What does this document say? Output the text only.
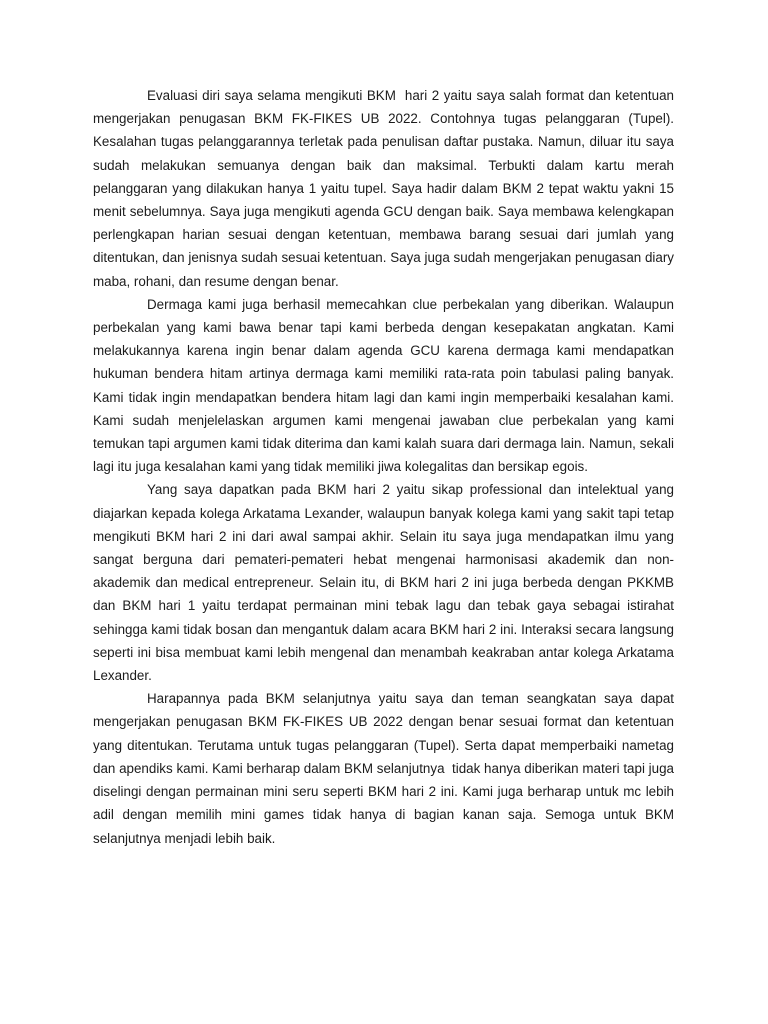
Evaluasi diri saya selama mengikuti BKM  hari 2 yaitu saya salah format dan ketentuan mengerjakan penugasan BKM FK-FIKES UB 2022. Contohnya tugas pelanggaran (Tupel). Kesalahan tugas pelanggarannya terletak pada penulisan daftar pustaka. Namun, diluar itu saya sudah melakukan semuanya dengan baik dan maksimal. Terbukti dalam kartu merah pelanggaran yang dilakukan hanya 1 yaitu tupel. Saya hadir dalam BKM 2 tepat waktu yakni 15 menit sebelumnya. Saya juga mengikuti agenda GCU dengan baik. Saya membawa kelengkapan perlengkapan harian sesuai dengan ketentuan, membawa barang sesuai dari jumlah yang ditentukan, dan jenisnya sudah sesuai ketentuan. Saya juga sudah mengerjakan penugasan diary maba, rohani, dan resume dengan benar.

Dermaga kami juga berhasil memecahkan clue perbekalan yang diberikan. Walaupun perbekalan yang kami bawa benar tapi kami berbeda dengan kesepakatan angkatan. Kami melakukannya karena ingin benar dalam agenda GCU karena dermaga kami mendapatkan hukuman bendera hitam artinya dermaga kami memiliki rata-rata poin tabulasi paling banyak. Kami tidak ingin mendapatkan bendera hitam lagi dan kami ingin memperbaiki kesalahan kami. Kami sudah menjelelaskan argumen kami mengenai jawaban clue perbekalan yang kami temukan tapi argumen kami tidak diterima dan kami kalah suara dari dermaga lain. Namun, sekali lagi itu juga kesalahan kami yang tidak memiliki jiwa kolegalitas dan bersikap egois.

Yang saya dapatkan pada BKM hari 2 yaitu sikap professional dan intelektual yang diajarkan kepada kolega Arkatama Lexander, walaupun banyak kolega kami yang sakit tapi tetap mengikuti BKM hari 2 ini dari awal sampai akhir. Selain itu saya juga mendapatkan ilmu yang sangat berguna dari pemateri-pemateri hebat mengenai harmonisasi akademik dan non-akademik dan medical entrepreneur. Selain itu, di BKM hari 2 ini juga berbeda dengan PKKMB dan BKM hari 1 yaitu terdapat permainan mini tebak lagu dan tebak gaya sebagai istirahat sehingga kami tidak bosan dan mengantuk dalam acara BKM hari 2 ini. Interaksi secara langsung seperti ini bisa membuat kami lebih mengenal dan menambah keakraban antar kolega Arkatama Lexander.

Harapannya pada BKM selanjutnya yaitu saya dan teman seangkatan saya dapat mengerjakan penugasan BKM FK-FIKES UB 2022 dengan benar sesuai format dan ketentuan yang ditentukan. Terutama untuk tugas pelanggaran (Tupel). Serta dapat memperbaiki nametag dan apendiks kami. Kami berharap dalam BKM selanjutnya  tidak hanya diberikan materi tapi juga diselingi dengan permainan mini seru seperti BKM hari 2 ini. Kami juga berharap untuk mc lebih adil dengan memilih mini games tidak hanya di bagian kanan saja. Semoga untuk BKM selanjutnya menjadi lebih baik.
